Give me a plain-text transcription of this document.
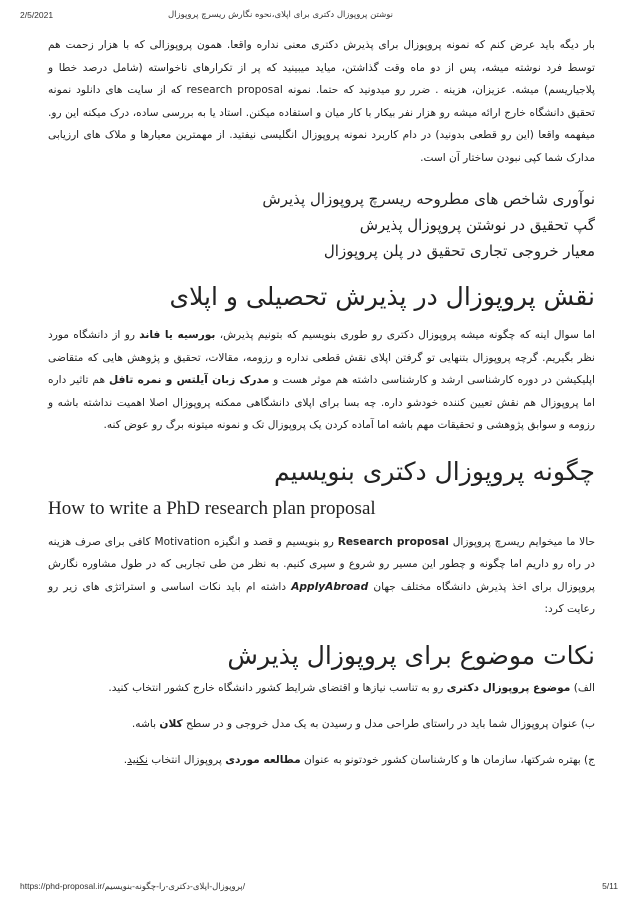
2/5/2021	نوشتن پروپوزال دکتری برای اپلای،نحوه نگارش ریسرچ پروپوزال

بار دیگه باید عرض کنم که نمونه پروپوزال برای پذیرش دکتری معنی نداره واقعا. همون پروپوزالی که با هزار زحمت هم توسط فرد نوشته میشه، پس از دو ماه وقت گذاشتن، میاید میبینید که پر از تکرارهای ناخواسته (شامل درصد خطا و پلاجیاریسم) میشه. عزیزان، هزینه . ضرر رو میدونید که حتما. نمونه research proposal که از سایت های دانلود نمونه تحقیق دانشگاه خارج ارائه میشه رو هزار نفر بیکار با کار میان و استفاده میکنن. استاد یا به بررسی ساده، درک میکنه این رو. میفهمه واقعا (این رو قطعی بدونید) در دام کاربرد نمونه پروپوزال انگلیسی نیفتید. از مهمترین معیارها و ملاک های ارزیابی مدارک شما کپی نبودن ساختار آن است.

نوآوری شاخص های مطروحه ریسرچ پروپوزال پذیرش
گپ تحقیق در نوشتن پروپوزال پذیرش
معیار خروجی تجاری تحقیق در پلن پروپوزال
نقش پروپوزال در پذیرش تحصیلی و اپلای

اما سوال اینه که چگونه میشه پروپوزال دکتری رو طوری بنویسیم که بتونیم پذیرش، بورسیه یا فاند رو از دانشگاه مورد نظر بگیریم. گرچه پروپوزال بتنهایی تو گرفتن اپلای نقش قطعی نداره و رزومه، مقالات، تحقیق و پژوهش هایی که متقاضی اپلیکیشن در دوره کارشناسی ارشد و کارشناسی داشته هم موثر هست و مدرک زبان آیلتس و نمره تافل هم تاثیر داره اما پروپوزال هم نقش تعیین کننده خودشو داره. چه بسا برای اپلای دانشگاهی ممکنه پروپوزال اصلا اهمیت نداشته باشه و رزومه و سوابق پژوهشی و تحقیقات مهم باشه اما آماده کردن یک پروپوزال تک و نمونه میتونه برگ رو عوض کنه.

چگونه پروپوزال دکتری بنویسیم
How to write a PhD research plan proposal

حالا ما میخوایم ریسرچ پروپوزال Research proposal رو بنویسیم و قصد و انگیزه Motivation کافی برای صرف هزینه در راه رو داریم اما چگونه و چطور این مسیر رو شروع و سپری کنیم. به نظر من طی تجاربی که در طول مشاوره نگارش پروپوزال برای اخذ پذیرش دانشگاه مختلف جهان ApplyAbroad داشته ام باید نکات اساسی و استراتژی های زیر رو رعایت کرد:

نکات موضوع برای پروپوزال پذیرش

الف) موضوع پروپوزال دکتری رو به تناسب نیازها و اقتضای شرایط کشور دانشگاه خارج کشور انتخاب کنید.

ب) عنوان پروپوزال شما باید در راستای طراحی مدل و رسیدن به یک مدل خروجی و در سطح کلان باشه.

ج) بهتره شرکتها، سازمان ها و کارشناسان کشور خودتونو به عنوان مطالعه موردی پروپوزال انتخاب نکنید.

https://phd-proposal.ir/پروپوزال-اپلای-دکتری-را-چگونه-بنویسیم/	5/11
